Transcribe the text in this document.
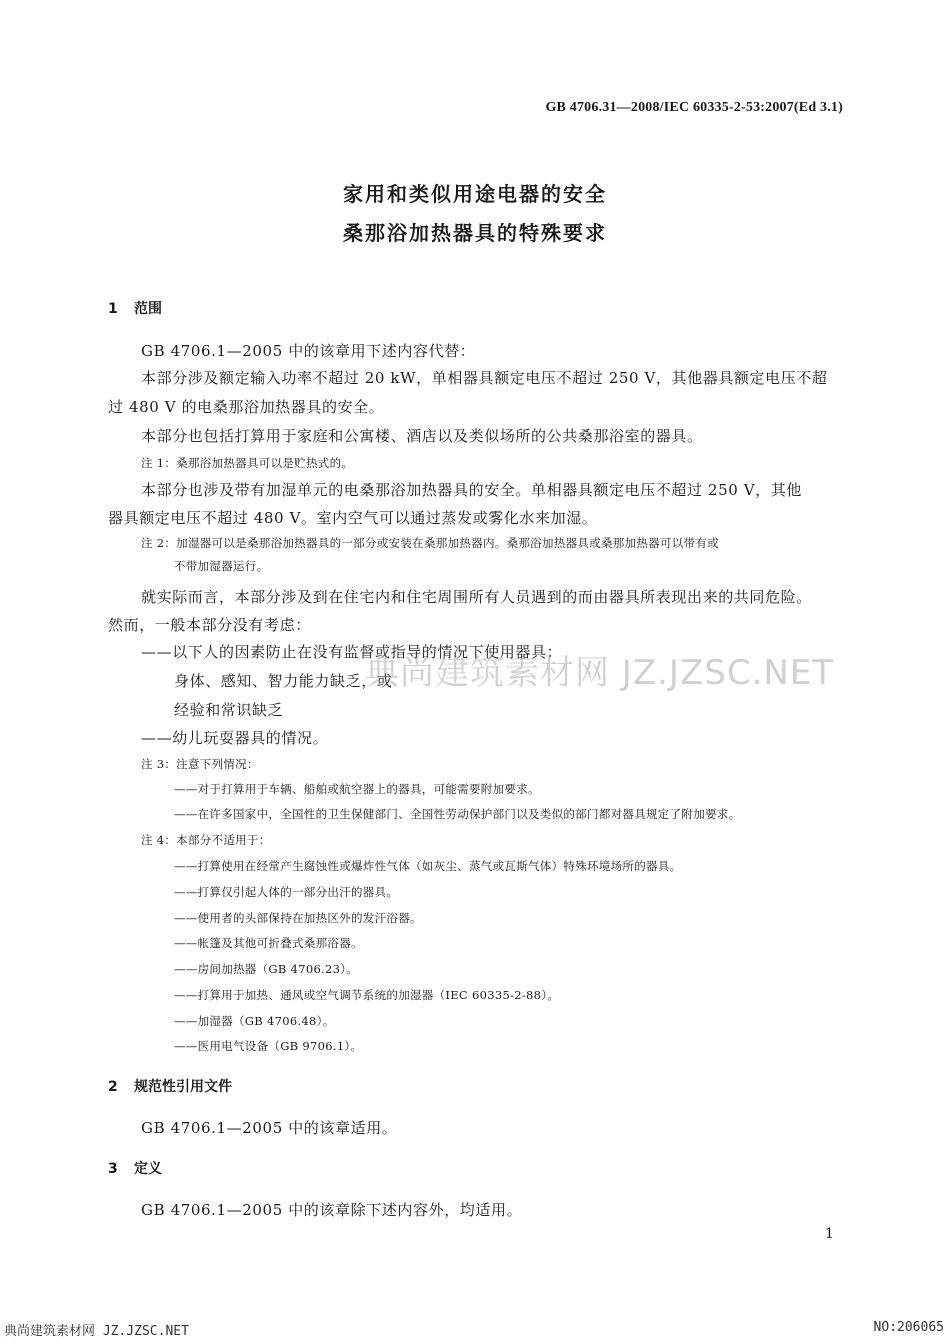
GB 4706.31—2008/IEC 60335-2-53:2007(Ed 3.1)
家用和类似用途电器的安全
桑那浴加热器具的特殊要求
1 范围
GB 4706.1—2005 中的该章用下述内容代替：
本部分涉及额定输入功率不超过 20 kW，单相器具额定电压不超过 250 V，其他器具额定电压不超
过 480 V 的电桑那浴加热器具的安全。
本部分也包括打算用于家庭和公寓楼、酒店以及类似场所的公共桑那浴室的器具。
注 1：桑那浴加热器具可以是贮热式的。
本部分也涉及带有加湿单元的电桑那浴加热器具的安全。单相器具额定电压不超过 250 V，其他
器具额定电压不超过 480 V。室内空气可以通过蒸发或雾化水来加湿。
注 2：加湿器可以是桑那浴加热器具的一部分或安装在桑那加热器内。桑那浴加热器具或桑那加热器可以带有或
不带加湿器运行。
就实际而言，本部分涉及到在住宅内和住宅周围所有人员遇到的而由器具所表现出来的共同危险。
然而，一般本部分没有考虑：
——以下人的因素防止在没有监督或指导的情况下使用器具：
身体、感知、智力能力缺乏，或
经验和常识缺乏
——幼儿玩耍器具的情况。
注 3：注意下列情况：
——对于打算用于车辆、船舶或航空器上的器具，可能需要附加要求。
——在许多国家中，全国性的卫生保健部门、全国性劳动保护部门以及类似的部门都对器具规定了附加要求。
注 4：本部分不适用于：
——打算使用在经常产生腐蚀性或爆炸性气体（如灰尘、蒸气或瓦斯气体）特殊环境场所的器具。
——打算仅引起人体的一部分出汗的器具。
——使用者的头部保持在加热区外的发汗浴器。
——帐篷及其他可折叠式桑那浴器。
——房间加热器（GB 4706.23）。
——打算用于加热、通风或空气调节系统的加湿器（IEC 60335-2-88）。
——加湿器（GB 4706.48）。
——医用电气设备（GB 9706.1）。
2 规范性引用文件
GB 4706.1—2005 中的该章适用。
3 定义
GB 4706.1—2005 中的该章除下述内容外，均适用。
1
典尚建筑素材网 JZ.JZSC.NET
典尚建筑素材网 JZ.JZSC.NET	NO:206065
